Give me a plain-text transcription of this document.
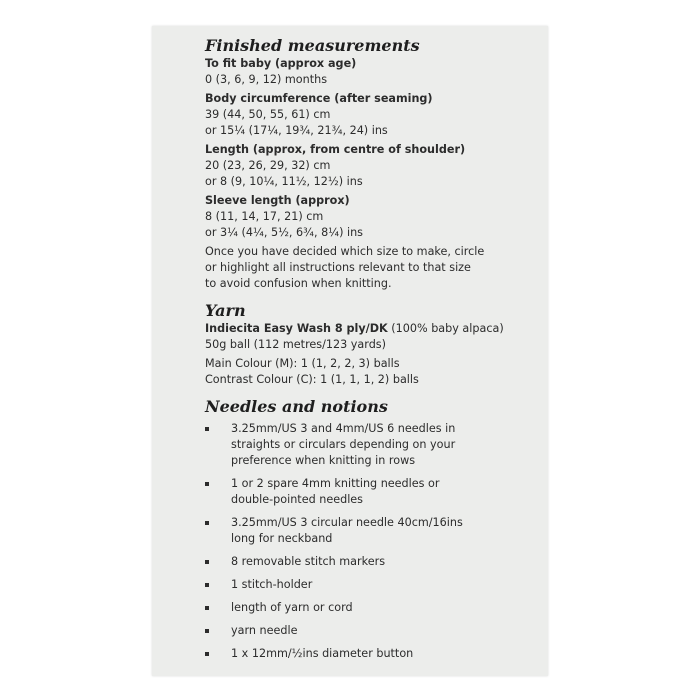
Finished measurements
To fit baby (approx age)
0 (3, 6, 9, 12) months
Body circumference (after seaming)
39 (44, 50, 55, 61) cm
or 15¼ (17¼, 19¾, 21¾, 24) ins
Length (approx, from centre of shoulder)
20 (23, 26, 29, 32) cm
or 8 (9, 10¼, 11½, 12½) ins
Sleeve length (approx)
8 (11, 14, 17, 21) cm
or 3¼ (4¼, 5½, 6¾, 8¼) ins
Once you have decided which size to make, circle
or highlight all instructions relevant to that size
to avoid confusion when knitting.
Yarn
Indiecita Easy Wash 8 ply/DK (100% baby alpaca)
50g ball (112 metres/123 yards)
Main Colour (M): 1 (1, 2, 2, 3) balls
Contrast Colour (C): 1 (1, 1, 1, 2) balls
Needles and notions
3.25mm/US 3 and 4mm/US 6 needles in
straights or circulars depending on your
preference when knitting in rows
1 or 2 spare 4mm knitting needles or
double-pointed needles
3.25mm/US 3 circular needle 40cm/16ins
long for neckband
8 removable stitch markers
1 stitch-holder
length of yarn or cord
yarn needle
1 x 12mm/½ins diameter button
